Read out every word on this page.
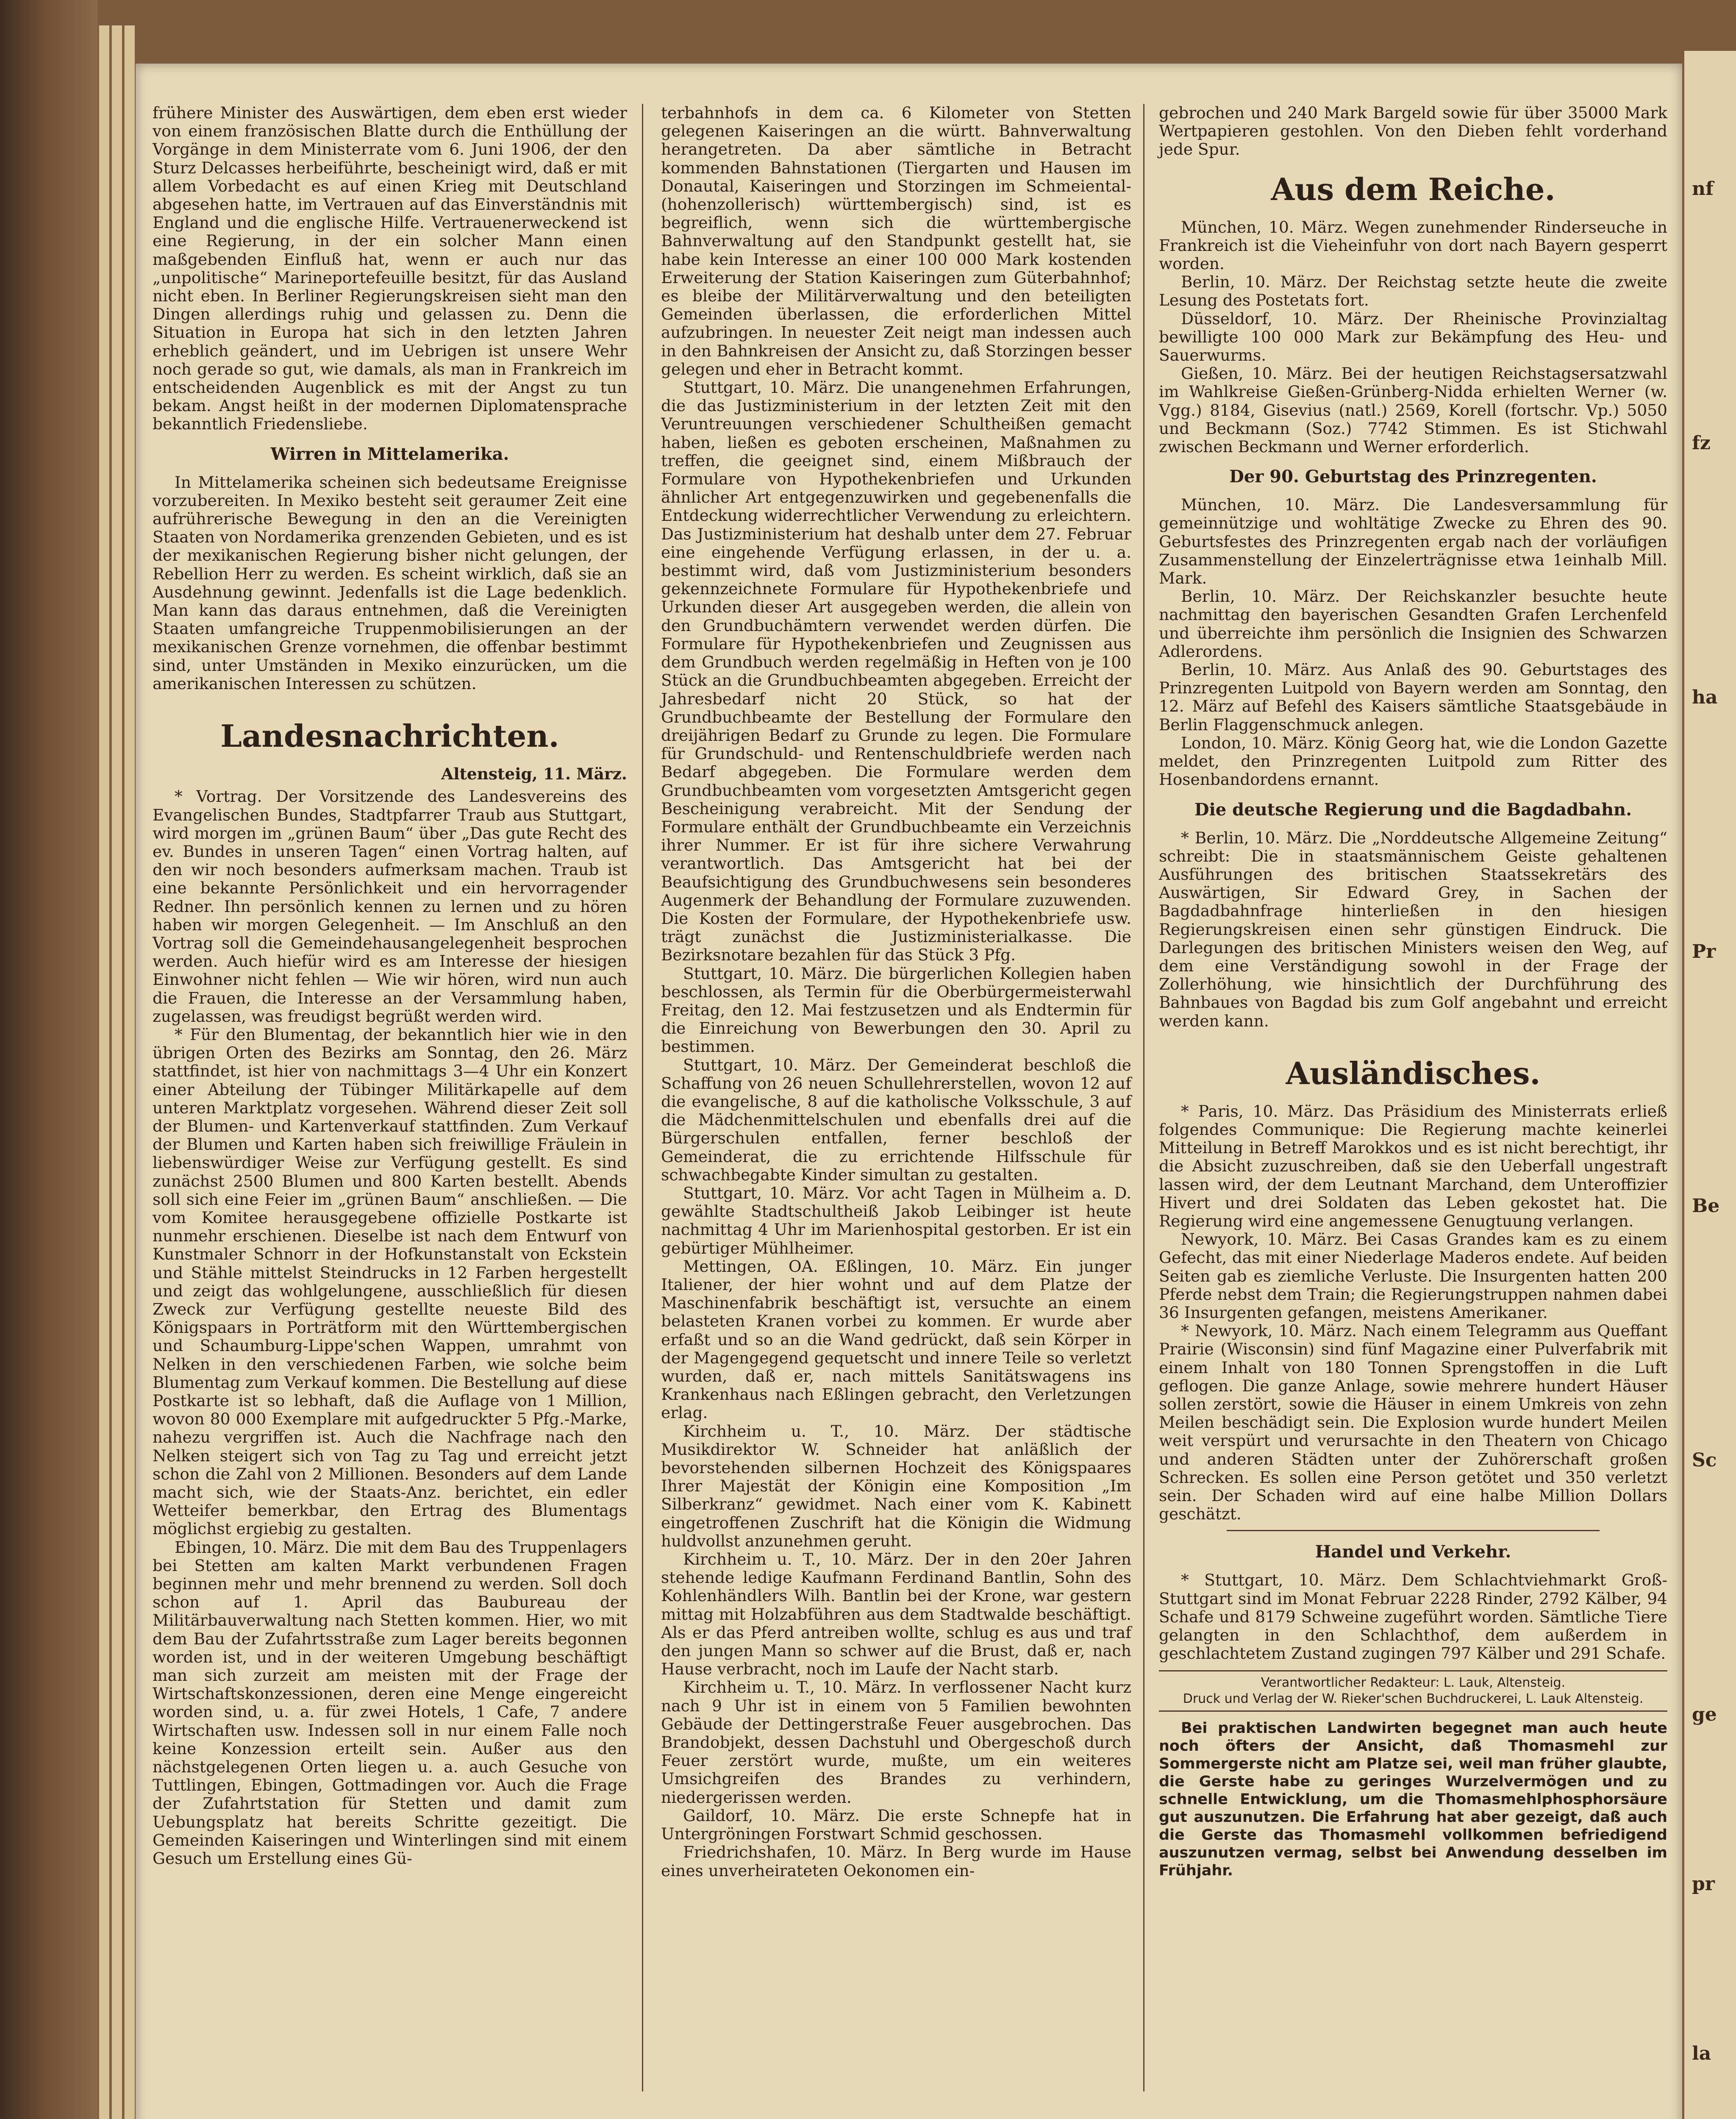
nf
fz
ha
Pr
Be
Sc
ge
pr
la

frühere Minister des Auswärtigen, dem eben erst wieder von einem französischen Blatte durch die Enthüllung der Vorgänge in dem Ministerrate vom 6. Juni 1906, der den Sturz Delcasses herbeiführte, bescheinigt wird, daß er mit allem Vorbedacht es auf einen Krieg mit Deutschland abgesehen hatte, im Vertrauen auf das Einverständnis mit England und die englische Hilfe. Vertrauenerweckend ist eine Regierung, in der ein solcher Mann einen maßgebenden Einfluß hat, wenn er auch nur das „unpolitische“ Marineportefeuille besitzt, für das Ausland nicht eben. In Berliner Regierungskreisen sieht man den Dingen allerdings ruhig und gelassen zu. Denn die Situation in Europa hat sich in den letzten Jahren erheblich geändert, und im Uebrigen ist unsere Wehr noch gerade so gut, wie damals, als man in Frankreich im entscheidenden Augenblick es mit der Angst zu tun bekam. Angst heißt in der modernen Diplomatensprache bekanntlich Friedensliebe.

Wirren in Mittelamerika.

In Mittelamerika scheinen sich bedeutsame Ereignisse vorzubereiten. In Mexiko besteht seit geraumer Zeit eine aufrührerische Bewegung in den an die Vereinigten Staaten von Nordamerika grenzenden Gebieten, und es ist der mexikanischen Regierung bisher nicht gelungen, der Rebellion Herr zu werden. Es scheint wirklich, daß sie an Ausdehnung gewinnt. Jedenfalls ist die Lage bedenklich. Man kann das daraus entnehmen, daß die Vereinigten Staaten umfangreiche Truppenmobilisierungen an der mexikanischen Grenze vornehmen, die offenbar bestimmt sind, unter Umständen in Mexiko einzurücken, um die amerikanischen Interessen zu schützen.

Landesnachrichten.
Altensteig, 11. März.

* Vortrag. Der Vorsitzende des Landesvereins des Evangelischen Bundes, Stadtpfarrer Traub aus Stuttgart, wird morgen im „grünen Baum“ über „Das gute Recht des ev. Bundes in unseren Tagen“ einen Vortrag halten, auf den wir noch besonders aufmerksam machen. Traub ist eine bekannte Persönlichkeit und ein hervorragender Redner. Ihn persönlich kennen zu lernen und zu hören haben wir morgen Gelegenheit. — Im Anschluß an den Vortrag soll die Gemeindehausangelegenheit besprochen werden. Auch hiefür wird es am Interesse der hiesigen Einwohner nicht fehlen — Wie wir hören, wird nun auch die Frauen, die Interesse an der Versammlung haben, zugelassen, was freudigst begrüßt werden wird.

* Für den Blumentag, der bekanntlich hier wie in den übrigen Orten des Bezirks am Sonntag, den 26. März stattfindet, ist hier von nachmittags 3—4 Uhr ein Konzert einer Abteilung der Tübinger Militärkapelle auf dem unteren Marktplatz vorgesehen. Während dieser Zeit soll der Blumen- und Kartenverkauf stattfinden. Zum Verkauf der Blumen und Karten haben sich freiwillige Fräulein in liebenswürdiger Weise zur Verfügung gestellt. Es sind zunächst 2500 Blumen und 800 Karten bestellt. Abends soll sich eine Feier im „grünen Baum“ anschließen. — Die vom Komitee herausgegebene offizielle Postkarte ist nunmehr erschienen. Dieselbe ist nach dem Entwurf von Kunstmaler Schnorr in der Hofkunstanstalt von Eckstein und Stähle mittelst Steindrucks in 12 Farben hergestellt und zeigt das wohlgelungene, ausschließlich für diesen Zweck zur Verfügung gestellte neueste Bild des Königspaars in Porträtform mit den Württembergischen und Schaumburg-Lippe'schen Wappen, umrahmt von Nelken in den verschiedenen Farben, wie solche beim Blumentag zum Verkauf kommen. Die Bestellung auf diese Postkarte ist so lebhaft, daß die Auflage von 1 Million, wovon 80 000 Exemplare mit aufgedruckter 5 Pfg.-Marke, nahezu vergriffen ist. Auch die Nachfrage nach den Nelken steigert sich von Tag zu Tag und erreicht jetzt schon die Zahl von 2 Millionen. Besonders auf dem Lande macht sich, wie der Staats-Anz. berichtet, ein edler Wetteifer bemerkbar, den Ertrag des Blumentags möglichst ergiebig zu gestalten.

Ebingen, 10. März. Die mit dem Bau des Truppenlagers bei Stetten am kalten Markt verbundenen Fragen beginnen mehr und mehr brennend zu werden. Soll doch schon auf 1. April das Baubureau der Militärbauverwaltung nach Stetten kommen. Hier, wo mit dem Bau der Zufahrtsstraße zum Lager bereits begonnen worden ist, und in der weiteren Umgebung beschäftigt man sich zurzeit am meisten mit der Frage der Wirtschaftskonzessionen, deren eine Menge eingereicht worden sind, u. a. für zwei Hotels, 1 Cafe, 7 andere Wirtschaften usw. Indessen soll in nur einem Falle noch keine Konzession erteilt sein. Außer aus den nächstgelegenen Orten liegen u. a. auch Gesuche von Tuttlingen, Ebingen, Gottmadingen vor. Auch die Frage der Zufahrtstation für Stetten und damit zum Uebungsplatz hat bereits Schritte gezeitigt. Die Gemeinden Kaiseringen und Winterlingen sind mit einem Gesuch um Erstellung eines Gü-

terbahnhofs in dem ca. 6 Kilometer von Stetten gelegenen Kaiseringen an die württ. Bahnverwaltung herangetreten. Da aber sämtliche in Betracht kommenden Bahnstationen (Tiergarten und Hausen im Donautal, Kaiseringen und Storzingen im Schmeiental-(hohenzollerisch) württembergisch) sind, ist es begreiflich, wenn sich die württembergische Bahnverwaltung auf den Standpunkt gestellt hat, sie habe kein Interesse an einer 100 000 Mark kostenden Erweiterung der Station Kaiseringen zum Güterbahnhof; es bleibe der Militärverwaltung und den beteiligten Gemeinden überlassen, die erforderlichen Mittel aufzubringen. In neuester Zeit neigt man indessen auch in den Bahnkreisen der Ansicht zu, daß Storzingen besser gelegen und eher in Betracht kommt.

Stuttgart, 10. März. Die unangenehmen Erfahrungen, die das Justizministerium in der letzten Zeit mit den Veruntreuungen verschiedener Schultheißen gemacht haben, ließen es geboten erscheinen, Maßnahmen zu treffen, die geeignet sind, einem Mißbrauch der Formulare von Hypothekenbriefen und Urkunden ähnlicher Art entgegenzuwirken und gegebenenfalls die Entdeckung widerrechtlicher Verwendung zu erleichtern. Das Justizministerium hat deshalb unter dem 27. Februar eine eingehende Verfügung erlassen, in der u. a. bestimmt wird, daß vom Justizministerium besonders gekennzeichnete Formulare für Hypothekenbriefe und Urkunden dieser Art ausgegeben werden, die allein von den Grundbuchämtern verwendet werden dürfen. Die Formulare für Hypothekenbriefen und Zeugnissen aus dem Grundbuch werden regelmäßig in Heften von je 100 Stück an die Grundbuchbeamten abgegeben. Erreicht der Jahresbedarf nicht 20 Stück, so hat der Grundbuchbeamte der Bestellung der Formulare den dreijährigen Bedarf zu Grunde zu legen. Die Formulare für Grundschuld- und Rentenschuldbriefe werden nach Bedarf abgegeben. Die Formulare werden dem Grundbuchbeamten vom vorgesetzten Amtsgericht gegen Bescheinigung verabreicht. Mit der Sendung der Formulare enthält der Grundbuchbeamte ein Verzeichnis ihrer Nummer. Er ist für ihre sichere Verwahrung verantwortlich. Das Amtsgericht hat bei der Beaufsichtigung des Grundbuchwesens sein besonderes Augenmerk der Behandlung der Formulare zuzuwenden. Die Kosten der Formulare, der Hypothekenbriefe usw. trägt zunächst die Justizministerialkasse. Die Bezirksnotare bezahlen für das Stück 3 Pfg.

Stuttgart, 10. März. Die bürgerlichen Kollegien haben beschlossen, als Termin für die Oberbürgermeisterwahl Freitag, den 12. Mai festzusetzen und als Endtermin für die Einreichung von Bewerbungen den 30. April zu bestimmen.

Stuttgart, 10. März. Der Gemeinderat beschloß die Schaffung von 26 neuen Schullehrerstellen, wovon 12 auf die evangelische, 8 auf die katholische Volksschule, 3 auf die Mädchenmittelschulen und ebenfalls drei auf die Bürgerschulen entfallen, ferner beschloß der Gemeinderat, die zu errichtende Hilfsschule für schwachbegabte Kinder simultan zu gestalten.

Stuttgart, 10. März. Vor acht Tagen in Mülheim a. D. gewählte Stadtschultheiß Jakob Leibinger ist heute nachmittag 4 Uhr im Marienhospital gestorben. Er ist ein gebürtiger Mühlheimer.

Mettingen, OA. Eßlingen, 10. März. Ein junger Italiener, der hier wohnt und auf dem Platze der Maschinenfabrik beschäftigt ist, versuchte an einem belasteten Kranen vorbei zu kommen. Er wurde aber erfaßt und so an die Wand gedrückt, daß sein Körper in der Magengegend gequetscht und innere Teile so verletzt wurden, daß er, nach mittels Sanitätswagens ins Krankenhaus nach Eßlingen gebracht, den Verletzungen erlag.

Kirchheim u. T., 10. März. Der städtische Musikdirektor W. Schneider hat anläßlich der bevorstehenden silbernen Hochzeit des Königspaares Ihrer Majestät der Königin eine Komposition „Im Silberkranz“ gewidmet. Nach einer vom K. Kabinett eingetroffenen Zuschrift hat die Königin die Widmung huldvollst anzunehmen geruht.

Kirchheim u. T., 10. März. Der in den 20er Jahren stehende ledige Kaufmann Ferdinand Bantlin, Sohn des Kohlenhändlers Wilh. Bantlin bei der Krone, war gestern mittag mit Holzabführen aus dem Stadtwalde beschäftigt. Als er das Pferd antreiben wollte, schlug es aus und traf den jungen Mann so schwer auf die Brust, daß er, nach Hause verbracht, noch im Laufe der Nacht starb.

Kirchheim u. T., 10. März. In verflossener Nacht kurz nach 9 Uhr ist in einem von 5 Familien bewohnten Gebäude der Dettingerstraße Feuer ausgebrochen. Das Brandobjekt, dessen Dachstuhl und Obergeschoß durch Feuer zerstört wurde, mußte, um ein weiteres Umsichgreifen des Brandes zu verhindern, niedergerissen werden.

Gaildorf, 10. März. Die erste Schnepfe hat in Untergröningen Forstwart Schmid geschossen.

Friedrichshafen, 10. März. In Berg wurde im Hause eines unverheirateten Oekonomen ein-

gebrochen und 240 Mark Bargeld sowie für über 35000 Mark Wertpapieren gestohlen. Von den Dieben fehlt vorderhand jede Spur.

Aus dem Reiche.

München, 10. März. Wegen zunehmender Rinderseuche in Frankreich ist die Vieheinfuhr von dort nach Bayern gesperrt worden.

Berlin, 10. März. Der Reichstag setzte heute die zweite Lesung des Postetats fort.

Düsseldorf, 10. März. Der Rheinische Provinzialtag bewilligte 100 000 Mark zur Bekämpfung des Heu- und Sauerwurms.

Gießen, 10. März. Bei der heutigen Reichstagsersatzwahl im Wahlkreise Gießen-Grünberg-Nidda erhielten Werner (w. Vgg.) 8184, Gisevius (natl.) 2569, Korell (fortschr. Vp.) 5050 und Beckmann (Soz.) 7742 Stimmen. Es ist Stichwahl zwischen Beckmann und Werner erforderlich.

Der 90. Geburtstag des Prinzregenten.

München, 10. März. Die Landesversammlung für gemeinnützige und wohltätige Zwecke zu Ehren des 90. Geburtsfestes des Prinzregenten ergab nach der vorläufigen Zusammenstellung der Einzelerträgnisse etwa 1einhalb Mill. Mark.

Berlin, 10. März. Der Reichskanzler besuchte heute nachmittag den bayerischen Gesandten Grafen Lerchenfeld und überreichte ihm persönlich die Insignien des Schwarzen Adlerordens.

Berlin, 10. März. Aus Anlaß des 90. Geburtstages des Prinzregenten Luitpold von Bayern werden am Sonntag, den 12. März auf Befehl des Kaisers sämtliche Staatsgebäude in Berlin Flaggenschmuck anlegen.

London, 10. März. König Georg hat, wie die London Gazette meldet, den Prinzregenten Luitpold zum Ritter des Hosenbandordens ernannt.

Die deutsche Regierung und die Bagdadbahn.

* Berlin, 10. März. Die „Norddeutsche Allgemeine Zeitung“ schreibt: Die in staatsmännischem Geiste gehaltenen Ausführungen des britischen Staatssekretärs des Auswärtigen, Sir Edward Grey, in Sachen der Bagdadbahnfrage hinterließen in den hiesigen Regierungskreisen einen sehr günstigen Eindruck. Die Darlegungen des britischen Ministers weisen den Weg, auf dem eine Verständigung sowohl in der Frage der Zollerhöhung, wie hinsichtlich der Durchführung des Bahnbaues von Bagdad bis zum Golf angebahnt und erreicht werden kann.

Ausländisches.

* Paris, 10. März. Das Präsidium des Ministerrats erließ folgendes Communique: Die Regierung machte keinerlei Mitteilung in Betreff Marokkos und es ist nicht berechtigt, ihr die Absicht zuzuschreiben, daß sie den Ueberfall ungestraft lassen wird, der dem Leutnant Marchand, dem Unteroffizier Hivert und drei Soldaten das Leben gekostet hat. Die Regierung wird eine angemessene Genugtuung verlangen.

Newyork, 10. März. Bei Casas Grandes kam es zu einem Gefecht, das mit einer Niederlage Maderos endete. Auf beiden Seiten gab es ziemliche Verluste. Die Insurgenten hatten 200 Pferde nebst dem Train; die Regierungstruppen nahmen dabei 36 Insurgenten gefangen, meistens Amerikaner.

* Newyork, 10. März. Nach einem Telegramm aus Queffant Prairie (Wisconsin) sind fünf Magazine einer Pulverfabrik mit einem Inhalt von 180 Tonnen Sprengstoffen in die Luft geflogen. Die ganze Anlage, sowie mehrere hundert Häuser sollen zerstört, sowie die Häuser in einem Umkreis von zehn Meilen beschädigt sein. Die Explosion wurde hundert Meilen weit verspürt und verursachte in den Theatern von Chicago und anderen Städten unter der Zuhörerschaft großen Schrecken. Es sollen eine Person getötet und 350 verletzt sein. Der Schaden wird auf eine halbe Million Dollars geschätzt.

Handel und Verkehr.

* Stuttgart, 10. März. Dem Schlachtviehmarkt Groß-Stuttgart sind im Monat Februar 2228 Rinder, 2792 Kälber, 94 Schafe und 8179 Schweine zugeführt worden. Sämtliche Tiere gelangten in den Schlachthof, dem außerdem in geschlachtetem Zustand zugingen 797 Kälber und 291 Schafe.

Verantwortlicher Redakteur: L. Lauk, Altensteig.
Druck und Verlag der W. Rieker'schen Buchdruckerei, L. Lauk Altensteig.

Bei praktischen Landwirten begegnet man auch heute noch öfters der Ansicht, daß Thomasmehl zur Sommergerste nicht am Platze sei, weil man früher glaubte, die Gerste habe zu geringes Wurzelvermögen und zu schnelle Entwicklung, um die Thomasmehlphosphorsäure gut auszunutzen. Die Erfahrung hat aber gezeigt, daß auch die Gerste das Thomasmehl vollkommen befriedigend auszunutzen vermag, selbst bei Anwendung desselben im Frühjahr.
